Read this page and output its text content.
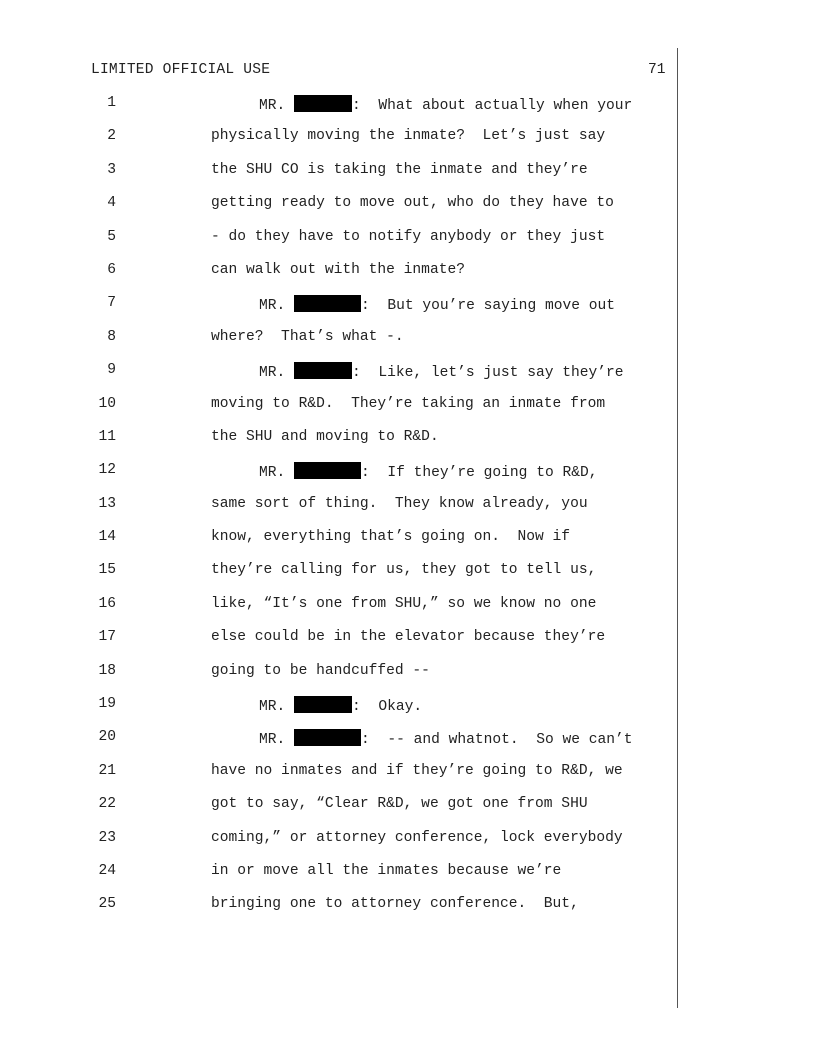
LIMITED OFFICIAL USE	71
1	MR.	:  What about actually when your
2	physically moving the inmate?  Let’s just say
3	the SHU CO is taking the inmate and they’re
4	getting ready to move out, who do they have to
5	- do they have to notify anybody or they just
6	can walk out with the inmate?
7	MR.	:  But you’re saying move out
8	where?  That’s what -.
9	MR.	:  Like, let’s just say they’re
10	moving to R&D.  They’re taking an inmate from
11	the SHU and moving to R&D.
12	MR.	:  If they’re going to R&D,
13	same sort of thing.  They know already, you
14	know, everything that’s going on.  Now if
15	they’re calling for us, they got to tell us,
16	like, “It’s one from SHU,” so we know no one
17	else could be in the elevator because they’re
18	going to be handcuffed --
19	MR.	:  Okay.
20	MR.	:  -- and whatnot.  So we can’t
21	have no inmates and if they’re going to R&D, we
22	got to say, “Clear R&D, we got one from SHU
23	coming,” or attorney conference, lock everybody
24	in or move all the inmates because we’re
25	bringing one to attorney conference.  But,
